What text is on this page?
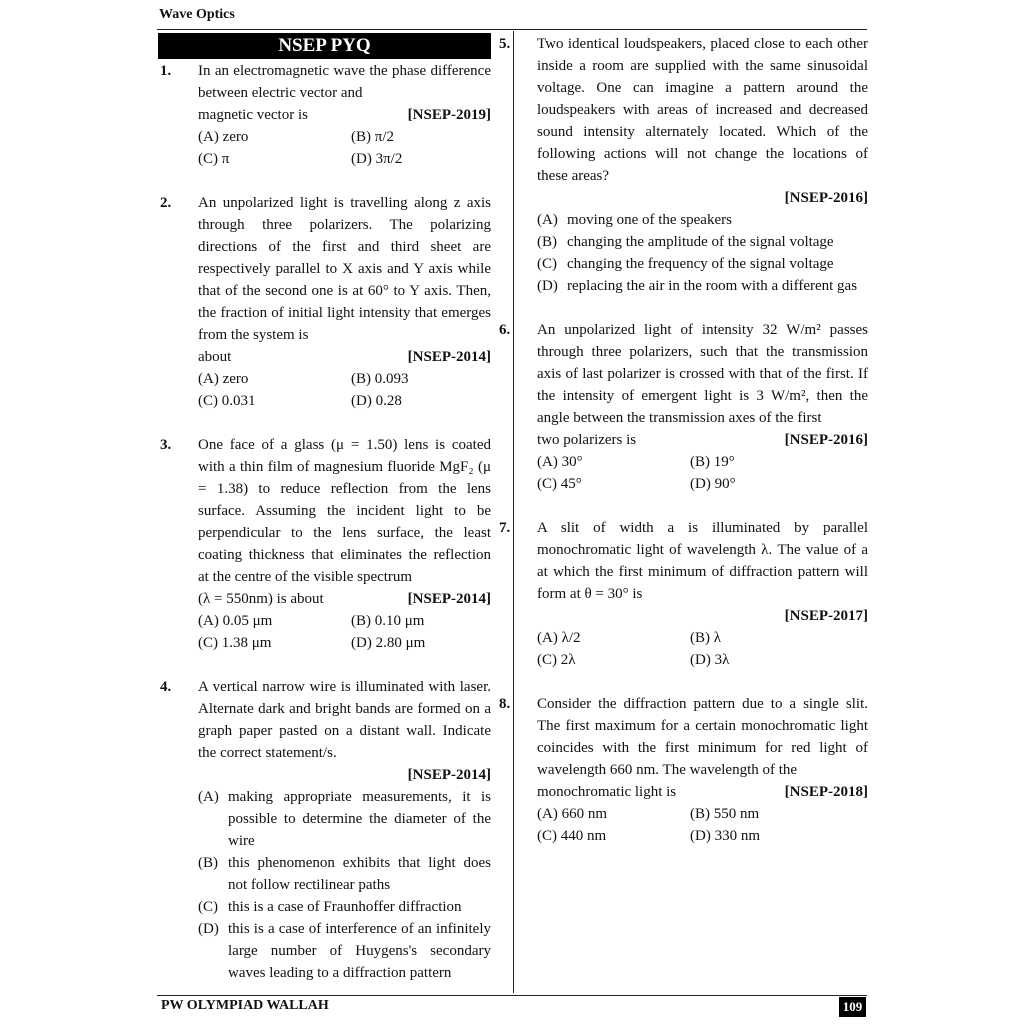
Wave Optics
NSEP PYQ
1. In an electromagnetic wave the phase difference between electric vector and
magnetic vector is	[NSEP-2019]
(A) zero	(B) π/2
(C) π	(D) 3π/2
2. An unpolarized light is travelling along z axis through three polarizers. The polarizing directions of the first and third sheet are respectively parallel to X axis and Y axis while that of the second one is at 60° to Y axis. Then, the fraction of initial light intensity that emerges from the system is
about	[NSEP-2014]
(A) zero	(B) 0.093
(C) 0.031	(D) 0.28
3. One face of a glass (μ = 1.50) lens is coated with a thin film of magnesium fluoride MgF₂ (μ = 1.38) to reduce reflection from the lens surface. Assuming the incident light to be perpendicular to the lens surface, the least coating thickness that eliminates the reflection at the centre of the visible spectrum
(λ = 550nm) is about	[NSEP-2014]
(A) 0.05 μm	(B) 0.10 μm
(C) 1.38 μm	(D) 2.80 μm
4. A vertical narrow wire is illuminated with laser. Alternate dark and bright bands are formed on a graph paper pasted on a distant wall. Indicate the correct statement/s.
[NSEP-2014]
(A) making appropriate measurements, it is possible to determine the diameter of the wire
(B) this phenomenon exhibits that light does not follow rectilinear paths
(C) this is a case of Fraunhoffer diffraction
(D) this is a case of interference of an infinitely large number of Huygens's secondary waves leading to a diffraction pattern
5. Two identical loudspeakers, placed close to each other inside a room are supplied with the same sinusoidal voltage. One can imagine a pattern around the loudspeakers with areas of increased and decreased sound intensity alternately located. Which of the following actions will not change the locations of these areas?
[NSEP-2016]
(A) moving one of the speakers
(B) changing the amplitude of the signal voltage
(C) changing the frequency of the signal voltage
(D) replacing the air in the room with a different gas
6. An unpolarized light of intensity 32 W/m² passes through three polarizers, such that the transmission axis of last polarizer is crossed with that of the first. If the intensity of emergent light is 3 W/m², then the angle between the transmission axes of the first
two polarizers is	[NSEP-2016]
(A) 30°	(B) 19°
(C) 45°	(D) 90°
7. A slit of width a is illuminated by parallel monochromatic light of wavelength λ. The value of a at which the first minimum of diffraction pattern will form at θ = 30° is
[NSEP-2017]
(A) λ/2	(B) λ
(C) 2λ	(D) 3λ
8. Consider the diffraction pattern due to a single slit. The first maximum for a certain monochromatic light coincides with the first minimum for red light of wavelength 660 nm. The wavelength of the
monochromatic light is	[NSEP-2018]
(A) 660 nm	(B) 550 nm
(C) 440 nm	(D) 330 nm
PW OLYMPIAD WALLAH	109
